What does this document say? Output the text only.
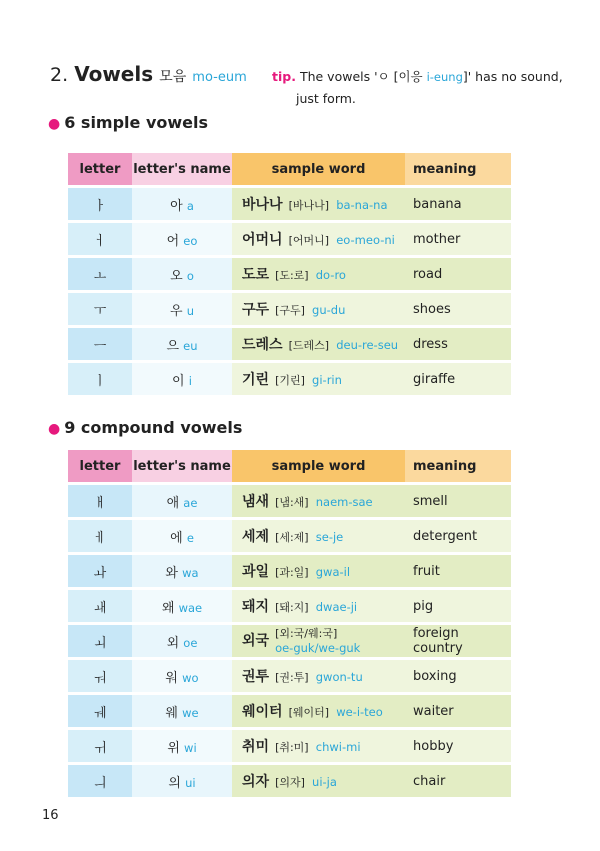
2. Vowels 모음 mo-eum tip. The vowels 'ㅇ [이응 i-eung]' has no sound,
just form.
● 6 simple vowels
letter	letter's name	sample word	meaning
ㅏ	아 a	바나나 [바나나] ba-na-na	banana
ㅓ	어 eo	어머니 [어머니] eo-meo-ni	mother
ㅗ	오 o	도로 [도:로] do-ro	road
ㅜ	우 u	구두 [구두] gu-du	shoes
ㅡ	으 eu	드레스 [드레스] deu-re-seu	dress
ㅣ	이 i	기린 [기린] gi-rin	giraffe
● 9 compound vowels
letter	letter's name	sample word	meaning
ㅐ	애 ae	냄새 [냄:새] naem-sae	smell
ㅔ	에 e	세제 [세:제] se-je	detergent
ㅘ	와 wa	과일 [과:일] gwa-il	fruit
ㅙ	왜 wae	돼지 [돼:지] dwae-ji	pig
ㅚ	외 oe	외국 [외:국/웨:국]
oe-guk/we-guk	foreign country
ㅝ	워 wo	권투 [권:투] gwon-tu	boxing
ㅞ	웨 we	웨이터 [웨이터] we-i-teo	waiter
ㅟ	위 wi	취미 [취:미] chwi-mi	hobby
ㅢ	의 ui	의자 [의자] ui-ja	chair
16
